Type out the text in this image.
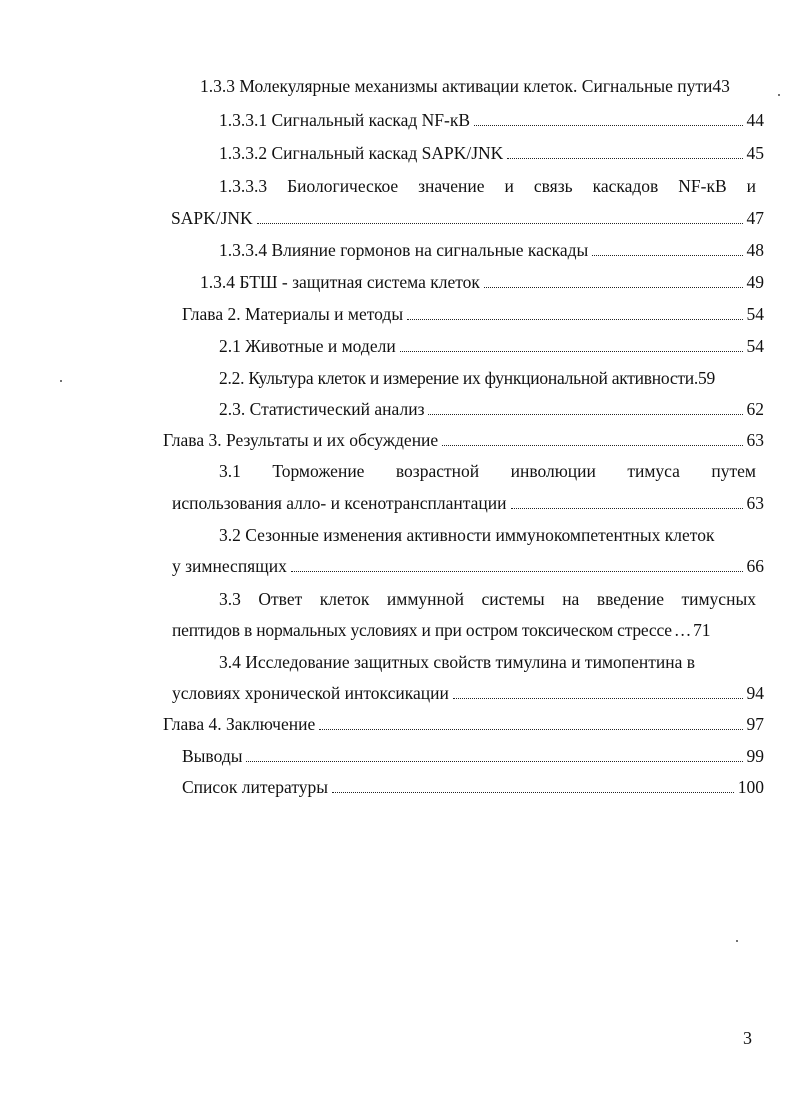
1.3.3 Молекулярные механизмы активации клеток. Сигнальные пути 43
1.3.3.1 Сигнальный каскад NF-кВ	44
1.3.3.2 Сигнальный каскад SAPK/JNK	45
1.3.3.3 Биологическое значение и связь каскадов NF-кВ и
SAPK/JNK	47
1.3.3.4 Влияние гормонов на сигнальные каскады	48
1.3.4 БТШ - защитная система клеток	49
Глава 2. Материалы и методы	54
2.1 Животные и модели	54
2.2. Культура клеток и измерение их функциональной активности. 59
2.3. Статистический анализ	62
Глава 3. Результаты и их обсуждение	63
3.1 Торможение возрастной инволюции тимуса путем
использования алло- и ксенотрансплантации	63
3.2 Сезонные изменения активности иммунокомпетентных клеток
у зимнеспящих	66
3.3 Ответ клеток иммунной системы на введение тимусных
пептидов в нормальных условиях и при остром токсическом стрессе … 71
3.4 Исследование защитных свойств тимулина и тимопентина в
условиях хронической интоксикации	94
Глава 4. Заключение	97
Выводы	99
Список литературы	100
3
